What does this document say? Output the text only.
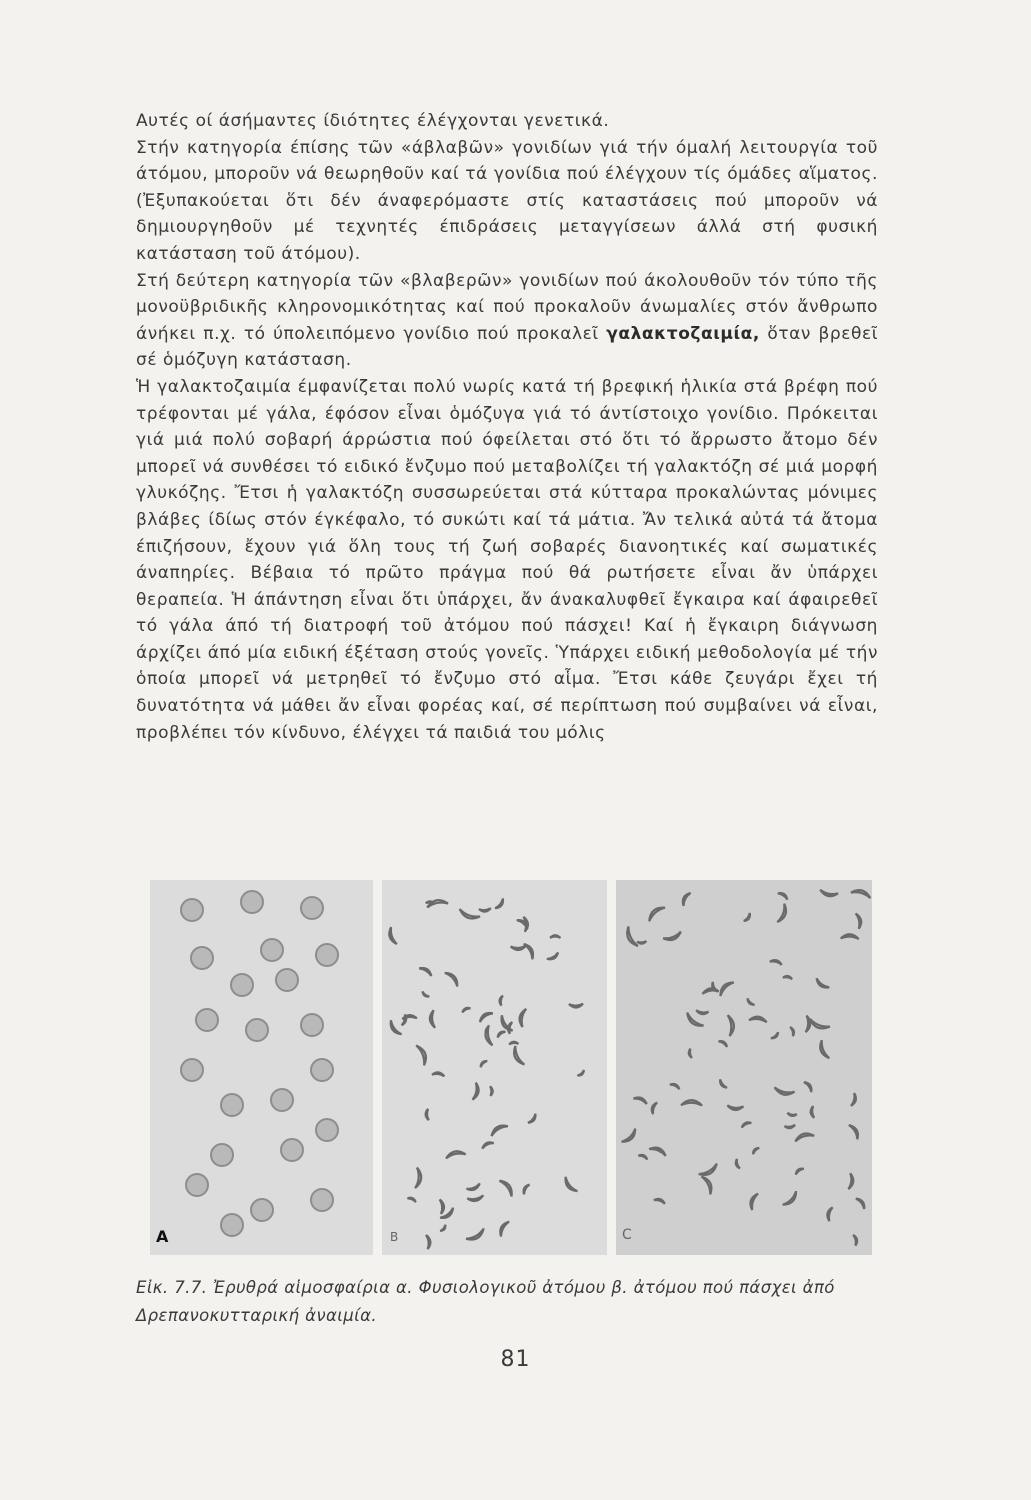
Αυτές οί άσήμαντες ίδιότητες έλέγχονται γενετικά.

Στήν κατηγορία έπίσης τῶν «άβλαβῶν» γονιδίων γιά τήν όμαλή λειτουργία τοῦ άτόμου, μποροῦν νά θεωρηθοῦν καί τά γονίδια πού έλέγχουν τίς όμάδες αἵματος. (Ἐξυπακούεται ὅτι δέν άναφερόμαστε στίς καταστάσεις πού μποροῦν νά δημιουργηθοῦν μέ τεχνητές έπιδράσεις μεταγγίσεων άλλά στή φυσική κατάσταση τοῦ άτόμου).

Στή δεύτερη κατηγορία τῶν «βλαβερῶν» γονιδίων πού άκολουθοῦν τόν τύπο τῆς μονοϋβριδικῆς κληρονομικότητας καί πού προκαλοῦν άνωμαλίες στόν ἄνθρωπο άνήκει π.χ. τό ύπολειπόμενο γονίδιο πού προκαλεῖ γαλακτοζαιμία, ὅταν βρεθεῖ σέ ὁμόζυγη κατάσταση.

Ἡ γαλακτοζαιμία έμφανίζεται πολύ νωρίς κατά τή βρεφική ἡλικία στά βρέφη πού τρέφονται μέ γάλα, έφόσον εἶναι ὁμόζυγα γιά τό άντίστοιχο γονίδιο. Πρόκειται γιά μιά πολύ σοβαρή άρρώστια πού όφείλεται στό ὅτι τό ἄρρωστο ἄτομο δέν μπορεῖ νά συνθέσει τό ειδικό ἔνζυμο πού μεταβολίζει τή γαλακτόζη σέ μιά μορφή γλυκόζης. Ἔτσι ἡ γαλακτόζη συσσωρεύεται στά κύτταρα προκαλώντας μόνιμες βλάβες ίδίως στόν έγκέφαλο, τό συκώτι καί τά μάτια. Ἄν τελικά αὐτά τά ἄτομα έπιζήσουν, ἔχουν γιά ὅλη τους τή ζωή σοβαρές διανοητικές καί σωματικές άναπηρίες. Βέβαια τό πρῶτο πράγμα πού θά ρωτήσετε εἶναι ἄν ὑπάρχει θεραπεία. Ἡ άπάντηση εἶναι ὅτι ὑπάρχει, ἄν άνακαλυφθεῖ ἔγκαιρα καί άφαιρεθεῖ τό γάλα άπό τή διατροφή τοῦ ἀτόμου πού πάσχει! Καί ἡ ἔγκαιρη διάγνωση άρχίζει άπό μία ειδική έξέταση στούς γονεῖς. Ὑπάρχει ειδική μεθοδολογία μέ τήν ὁποία μπορεῖ νά μετρηθεῖ τό ἔνζυμο στό αἷμα. Ἔτσι κάθε ζευγάρι ἔχει τή δυνατότητα νά μάθει ἄν εἶναι φορέας καί, σέ περίπτωση πού συμβαίνει νά εἶναι, προβλέπει τόν κίνδυνο, έλέγχει τά παιδιά του μόλις

A	B	C
Εἰκ. 7.7. Ἐρυθρά αἱμοσφαίρια α. Φυσιολογικοῦ ἀτόμου β. ἀτόμου πού πάσχει ἀπό Δρεπανοκυτταρική ἀναιμία.
81
